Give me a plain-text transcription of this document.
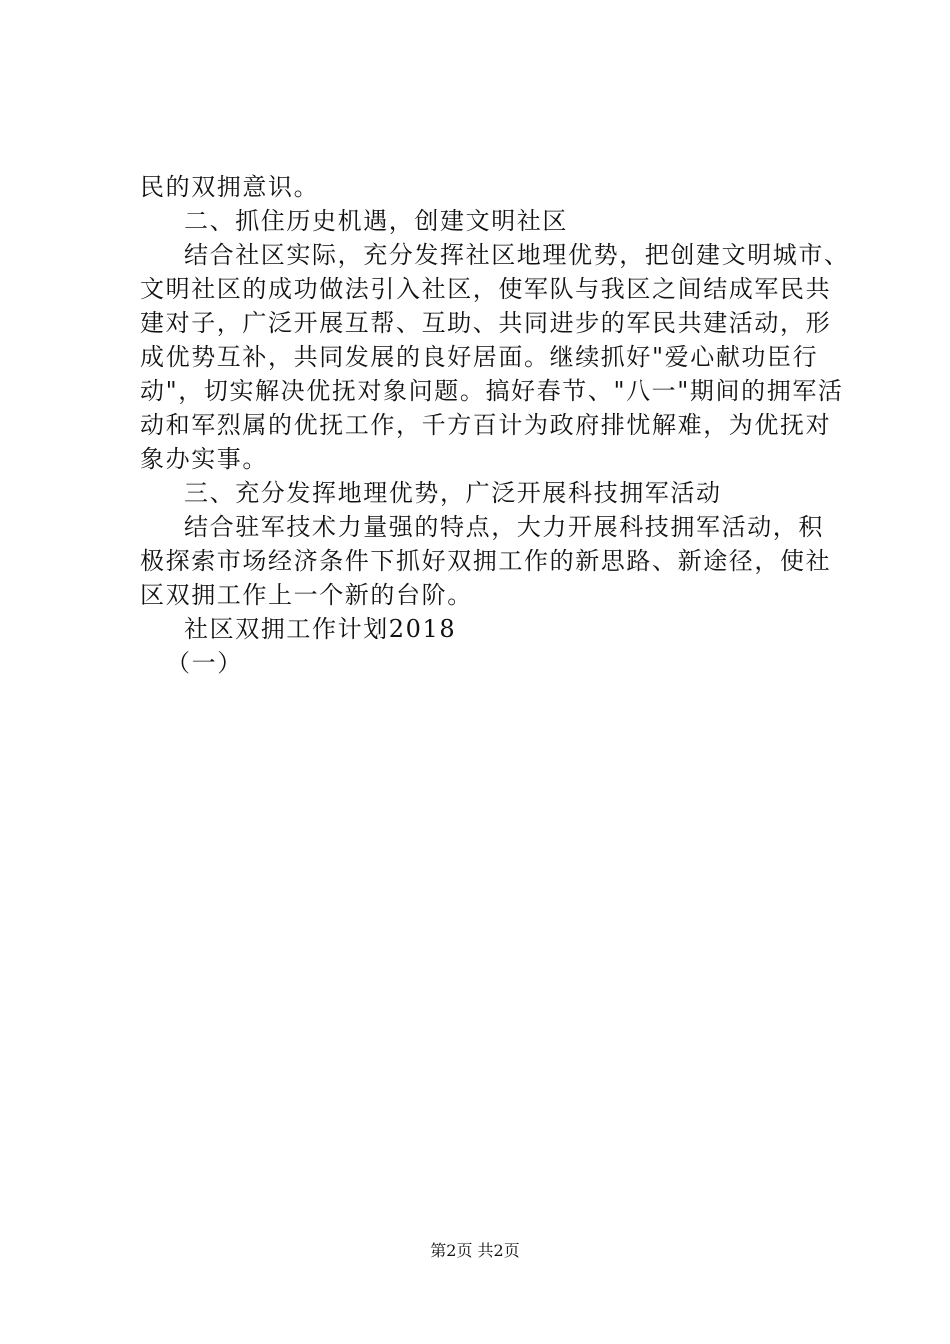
民的双拥意识。
二、抓住历史机遇，创建文明社区
结合社区实际，充分发挥社区地理优势，把创建文明城市、
文明社区的成功做法引入社区，使军队与我区之间结成军民共
建对子，广泛开展互帮、互助、共同进步的军民共建活动，形
成优势互补，共同发展的良好居面。继续抓好"爱心献功臣行
动"，切实解决优抚对象问题。搞好春节、"八一"期间的拥军活
动和军烈属的优抚工作，千方百计为政府排忧解难，为优抚对
象办实事。
三、充分发挥地理优势，广泛开展科技拥军活动
结合驻军技术力量强的特点，大力开展科技拥军活动，积
极探索市场经济条件下抓好双拥工作的新思路、新途径，使社
区双拥工作上一个新的台阶。
社区双拥工作计划2018
（一）
第2页 共2页
